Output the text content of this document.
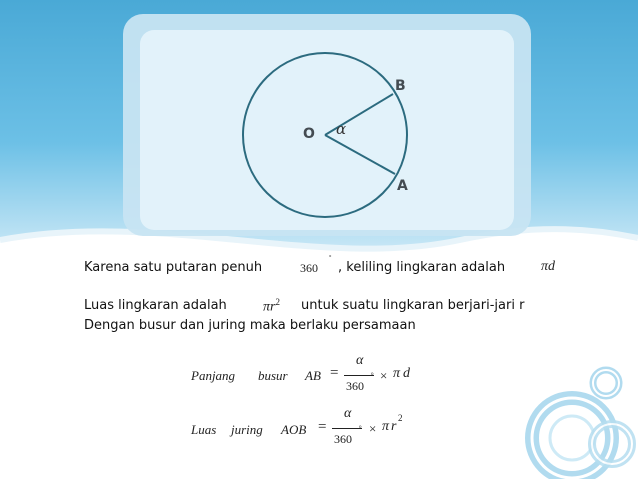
O
B
A
α
Karena satu putaran penuh	360
°
, keliling lingkaran adalah	πd
Luas lingkaran adalah	$\pi r^2$ untuk suatu lingkaran berjari-jari r
Dengan busur dan juring maka berlaku persamaan
Panjang busur AB =
α
360
o × π d
Luas juring AOB =
α
360
o × π r
2
